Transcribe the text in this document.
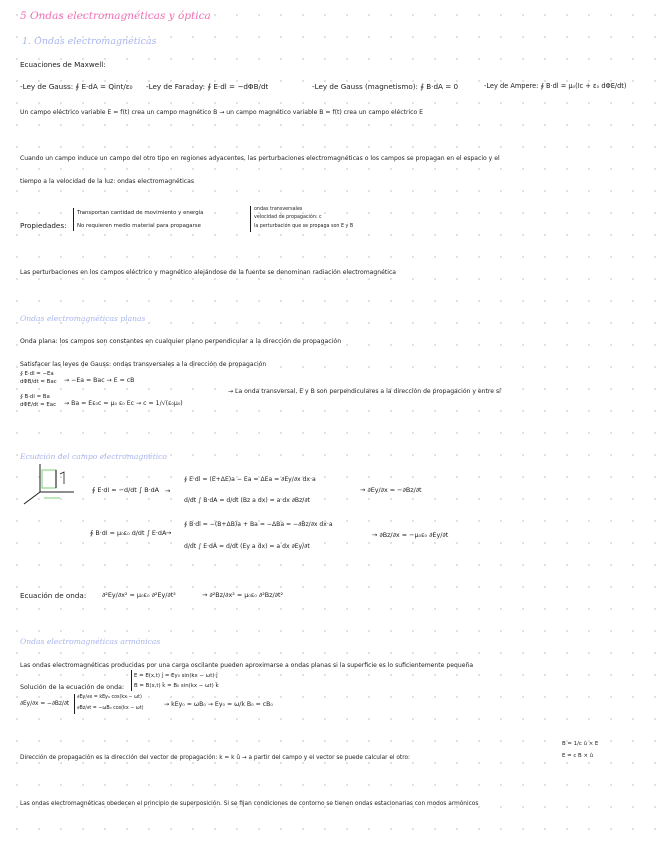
5 Ondas electromagnéticas y óptica
1. Ondas electromagnéticas
Ecuaciones de Maxwell:
-Ley de Gauss: ∮ E·dA = Qint/ε₀ -Ley de Faraday: ∮ E·dl = −dΦB/dt	-Ley de Gauss (magnetismo): ∮ B·dA = 0	-Ley de Ampere: ∮ B·dl = μ₀(Ic + ε₀ dΦE/dt)
Un campo eléctrico variable E = f(t) crea un campo magnético B → un campo magnético variable B = f(t) crea un campo eléctrico E
Cuando un campo induce un campo del otro tipo en regiones adyacentes, las perturbaciones electromagnéticas o los campos se propagan en el espacio y el
tiempo a la velocidad de la luz: ondas electromagnéticas
Propiedades:
Transportan cantidad de movimiento y energía
No requieren medio material para propagarse
ondas transversales
velocidad de propagación: c
la perturbación que se propaga son E y B
Las perturbaciones en los campos eléctrico y magnético alejándose de la fuente se denominan radiación electromagnética
Ondas electromagnéticas planas
Onda plana: los campos son constantes en cualquier plano perpendicular a la dirección de propagación
Satisfacer las leyes de Gauss: ondas transversales a la dirección de propagación
∮ E·dl = −Ea
dΦB/dt = Bac → −Ea = Bac → E = cB
∮ B·dl = Ba
dΦE/dt = Eac → Ba = Eε₀c = μ₀ ε₀ Ec → c = 1/√(ε₀μ₀)
→ La onda transversal, E y B son perpendiculares a la dirección de propagación y entre sí
Ecuación del campo electromagnético
∮ E·dl = −d/dt ∫ B·dA →
∮ E·dl = (E+ΔE)a − Ea = ΔEa = ∂Ey/∂x dx·a
d/dt ∫ B·dA = d/dt (Bz a dx) = a dx ∂Bz/∂t
→ ∂Ey/∂x = −∂Bz/∂t
∮ B·dl = μ₀ε₀ d/dt ∫ E·dA →
∮ B·dl = −(B+ΔB)a + Ba = −ΔBa = −∂Bz/∂x dx·a
d/dt ∫ E·dA = d/dt (Ey a dx) = a dx ∂Ey/∂t
→ ∂Bz/∂x = −μ₀ε₀ ∂Ey/∂t
Ecuación de onda: ∂²Ey/∂x² = μ₀ε₀ ∂²Ey/∂t²	→ ∂²Bz/∂x² = μ₀ε₀ ∂²Bz/∂t²
Ondas electromagnéticas armónicas
Las ondas electromagnéticas producidas por una carga oscilante pueden aproximarse a ondas planas si la superficie es lo suficientemente pequeña
Solución de la ecuación de onda:
E = E(x,t) ĵ = Ey₀ sin(kx − ωt) ĵ
B = B(x,t) k̂ = B₀ sin(kx − ωt) k̂
∂Ey/∂x = −∂Bz/∂t
∂Ey/∂x = kEy₀ cos(kx − ωt)
∂Bz/∂t = −ωB₀ cos(kx − ωt)
→ kEy₀ = ωB₀ → Ey₀ = ω/k B₀ = cB₀
Dirección de propagación es la dirección del vector de propagación: k = k û → a partir del campo y el vector se puede calcular el otro:
B = 1/c û × E
E = c B × û
Las ondas electromagnéticas obedecen el principio de superposición. Si se fijan condiciones de contorno se tienen ondas estacionarias con modos armónicos
